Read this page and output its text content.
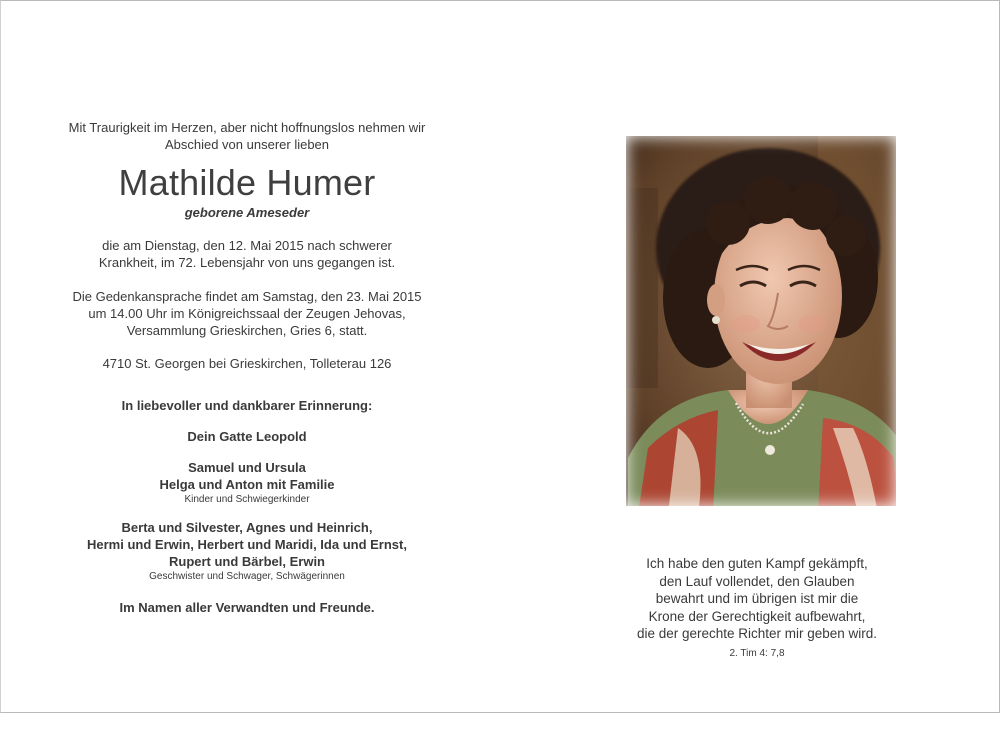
Mit Traurigkeit im Herzen, aber nicht hoffnungslos nehmen wir

Abschied von unserer lieben

Mathilde Humer

geborene Ameseder

die am Dienstag, den 12. Mai 2015 nach schwerer

Krankheit, im 72. Lebensjahr von uns gegangen ist.

Die Gedenkansprache findet am Samstag, den 23. Mai 2015

um 14.00 Uhr im Königreichssaal der Zeugen Jehovas,

Versammlung Grieskirchen, Gries 6, statt.

4710 St. Georgen bei Grieskirchen, Tolleterau 126

In liebevoller und dankbarer Erinnerung:

Dein Gatte Leopold

Samuel und Ursula

Helga und Anton mit Familie

Kinder und Schwiegerkinder

Berta und Silvester, Agnes und Heinrich,

Hermi und Erwin, Herbert und Maridi, Ida und Ernst,

Rupert und Bärbel, Erwin

Geschwister und Schwager, Schwägerinnen

Im Namen aller Verwandten und Freunde.

Ich habe den guten Kampf gekämpft,

den Lauf vollendet, den Glauben

bewahrt und im übrigen ist mir die

Krone der Gerechtigkeit aufbewahrt,

die der gerechte Richter mir geben wird.

2. Tim 4: 7,8
